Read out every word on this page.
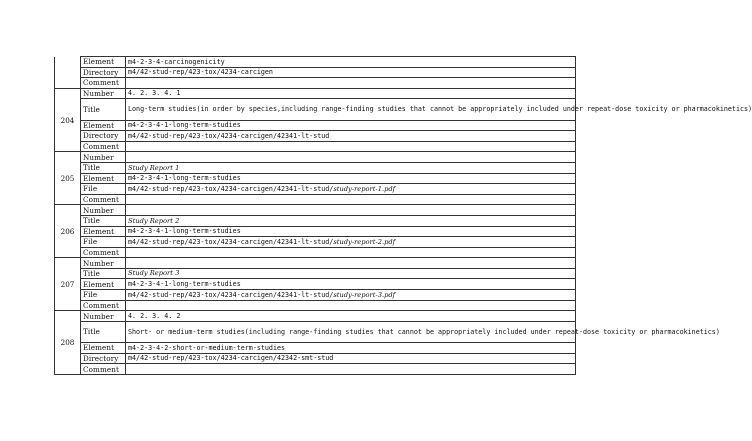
	Element	m4-2-3-4-carcinogenicity
	Directory	m4/42-stud-rep/423-tox/4234-carcigen
	Comment	
204	Number	4. 2. 3. 4. 1
	Title	Long-term studies(in order by species,including range-finding studies that cannot be appropriately included under repeat-dose toxicity or pharmacokinetics)
	Element	m4-2-3-4-1-long-term-studies
	Directory	m4/42-stud-rep/423-tox/4234-carcigen/42341-lt-stud
	Comment	
205	Number	
	Title	Study Report 1
	Element	m4-2-3-4-1-long-term-studies
	File	m4/42-stud-rep/423-tox/4234-carcigen/42341-lt-stud/study-report-1.pdf
	Comment	
206	Number	
	Title	Study Report 2
	Element	m4-2-3-4-1-long-term-studies
	File	m4/42-stud-rep/423-tox/4234-carcigen/42341-lt-stud/study-report-2.pdf
	Comment	
207	Number	
	Title	Study Report 3
	Element	m4-2-3-4-1-long-term-studies
	File	m4/42-stud-rep/423-tox/4234-carcigen/42341-lt-stud/study-report-3.pdf
	Comment	
208	Number	4. 2. 3. 4. 2
	Title	Short- or medium-term studies(including range-finding studies that cannot be appropriately included under repeat-dose toxicity or pharmacokinetics)
	Element	m4-2-3-4-2-short-or-medium-term-studies
	Directory	m4/42-stud-rep/423-tox/4234-carcigen/42342-smt-stud
	Comment	
